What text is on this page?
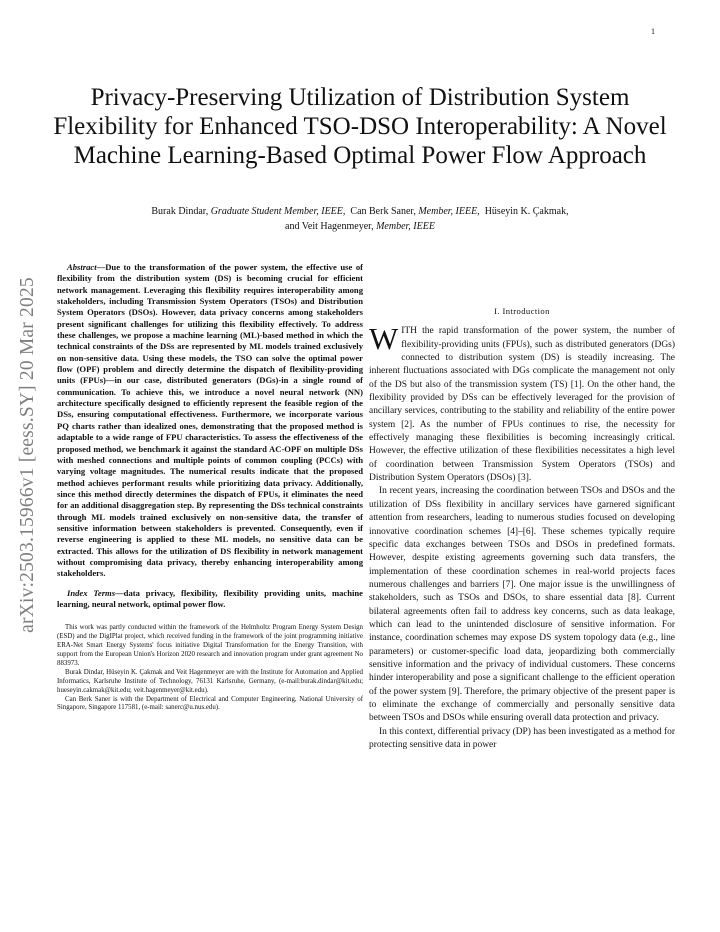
1
arXiv:2503.15966v1 [eess.SY] 20 Mar 2025
Privacy-Preserving Utilization of Distribution System Flexibility for Enhanced TSO-DSO Interoperability: A Novel Machine Learning-Based Optimal Power Flow Approach
Burak Dindar, Graduate Student Member, IEEE, Can Berk Saner, Member, IEEE, Hüseyin K. Çakmak,
and Veit Hagenmeyer, Member, IEEE

Abstract—Due to the transformation of the power system, the effective use of flexibility from the distribution system (DS) is becoming crucial for efficient network management. Leveraging this flexibility requires interoperability among stakeholders, including Transmission System Operators (TSOs) and Distribution System Operators (DSOs). However, data privacy concerns among stakeholders present significant challenges for utilizing this flexibility effectively. To address these challenges, we propose a machine learning (ML)-based method in which the technical constraints of the DSs are represented by ML models trained exclusively on non-sensitive data. Using these models, the TSO can solve the optimal power flow (OPF) problem and directly determine the dispatch of flexibility-providing units (FPUs)—in our case, distributed generators (DGs)-in a single round of communication. To achieve this, we introduce a novel neural network (NN) architecture specifically designed to efficiently represent the feasible region of the DSs, ensuring computational effectiveness. Furthermore, we incorporate various PQ charts rather than idealized ones, demonstrating that the proposed method is adaptable to a wide range of FPU characteristics. To assess the effectiveness of the proposed method, we benchmark it against the standard AC-OPF on multiple DSs with meshed connections and multiple points of common coupling (PCCs) with varying voltage magnitudes. The numerical results indicate that the proposed method achieves performant results while prioritizing data privacy. Additionally, since this method directly determines the dispatch of FPUs, it eliminates the need for an additional disaggregation step. By representing the DSs technical constraints through ML models trained exclusively on non-sensitive data, the transfer of sensitive information between stakeholders is prevented. Consequently, even if reverse engineering is applied to these ML models, no sensitive data can be extracted. This allows for the utilization of DS flexibility in network management without compromising data privacy, thereby enhancing interoperability among stakeholders.

Index Terms—data privacy, flexibility, flexibility providing units, machine learning, neural network, optimal power flow.

This work was partly conducted within the framework of the Helmholtz Program Energy System Design (ESD) and the DigIPlat project, which received funding in the framework of the joint programming initiative ERA-Net Smart Energy Systems' focus initiative Digital Transformation for the Energy Transition, with support from the European Union's Horizon 2020 research and innovation program under grant agreement No 883973.

Burak Dindar, Hüseyin K. Çakmak and Veit Hagenmeyer are with the Institute for Automation and Applied Informatics, Karlsruhe Institute of Technology, 76131 Karlsruhe, Germany, (e-mail:burak.dindar@kit.edu; hueseyin.cakmak@kit.edu; veit.hagenmeyer@kit.edu).

Can Berk Saner is with the Department of Electrical and Computer Engineering, National University of Singapore, Singapore 117581, (e-mail: sanerc@u.nus.edu).

I. Introduction

WITH the rapid transformation of the power system, the number of flexibility-providing units (FPUs), such as distributed generators (DGs) connected to distribution system (DS) is steadily increasing. The inherent fluctuations associated with DGs complicate the management not only of the DS but also of the transmission system (TS) [1]. On the other hand, the flexibility provided by DSs can be effectively leveraged for the provision of ancillary services, contributing to the stability and reliability of the entire power system [2]. As the number of FPUs continues to rise, the necessity for effectively managing these flexibilities is becoming increasingly critical. However, the effective utilization of these flexibilities necessitates a high level of coordination between Transmission System Operators (TSOs) and Distribution System Operators (DSOs) [3].

In recent years, increasing the coordination between TSOs and DSOs and the utilization of DSs flexibility in ancillary services have garnered significant attention from researchers, leading to numerous studies focused on developing innovative coordination schemes [4]–[6]. These schemes typically require specific data exchanges between TSOs and DSOs in predefined formats. However, despite existing agreements governing such data transfers, the implementation of these coordination schemes in real-world projects faces numerous challenges and barriers [7]. One major issue is the unwillingness of stakeholders, such as TSOs and DSOs, to share essential data [8]. Current bilateral agreements often fail to address key concerns, such as data leakage, which can lead to the unintended disclosure of sensitive information. For instance, coordination schemes may expose DS system topology data (e.g., line parameters) or customer-specific load data, jeopardizing both commercially sensitive information and the privacy of individual customers. These concerns hinder interoperability and pose a significant challenge to the efficient operation of the power system [9]. Therefore, the primary objective of the present paper is to eliminate the exchange of commercially and personally sensitive data between TSOs and DSOs while ensuring overall data protection and privacy.

In this context, differential privacy (DP) has been investigated as a method for protecting sensitive data in power
